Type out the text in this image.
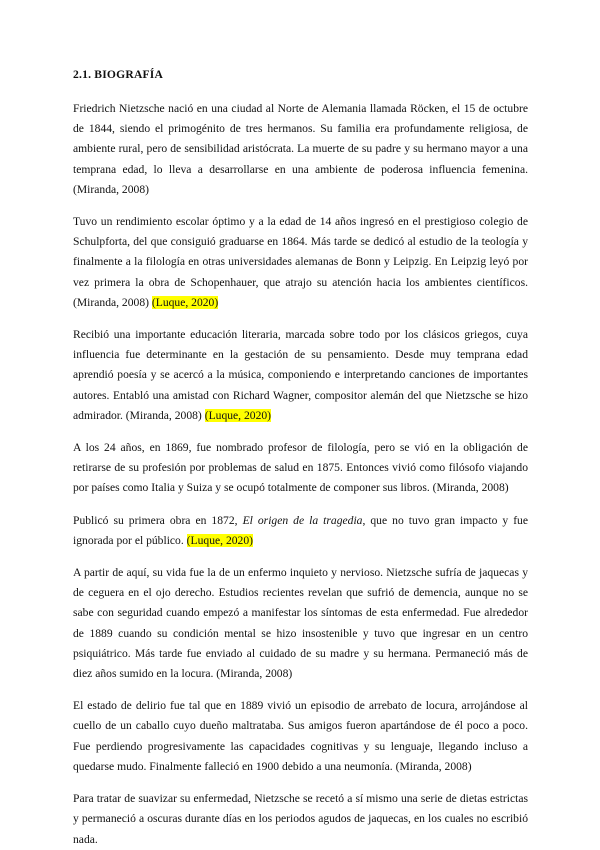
2.1. BIOGRAFÍA

Friedrich Nietzsche nació en una ciudad al Norte de Alemania llamada Röcken, el 15 de octubre de 1844, siendo el primogénito de tres hermanos. Su familia era profundamente religiosa, de ambiente rural, pero de sensibilidad aristócrata. La muerte de su padre y su hermano mayor a una temprana edad, lo lleva a desarrollarse en una ambiente de poderosa influencia femenina. (Miranda, 2008)

Tuvo un rendimiento escolar óptimo y a la edad de 14 años ingresó en el prestigioso colegio de Schulpforta, del que consiguió graduarse en 1864. Más tarde se dedicó al estudio de la teología y finalmente a la filología en otras universidades alemanas de Bonn y Leipzig. En Leipzig leyó por vez primera la obra de Schopenhauer, que atrajo su atención hacia los ambientes científicos. (Miranda, 2008) (Luque, 2020)

Recibió una importante educación literaria, marcada sobre todo por los clásicos griegos, cuya influencia fue determinante en la gestación de su pensamiento. Desde muy temprana edad aprendió poesía y se acercó a la música, componiendo e interpretando canciones de importantes autores. Entabló una amistad con Richard Wagner, compositor alemán del que Nietzsche se hizo admirador. (Miranda, 2008) (Luque, 2020)

A los 24 años, en 1869, fue nombrado profesor de filología, pero se vió en la obligación de retirarse de su profesión por problemas de salud en 1875. Entonces vivió como filósofo viajando por países como Italia y Suiza y se ocupó totalmente de componer sus libros. (Miranda, 2008)

Publicó su primera obra en 1872, El origen de la tragedia, que no tuvo gran impacto y fue ignorada por el público. (Luque, 2020)

A partir de aquí, su vida fue la de un enfermo inquieto y nervioso. Nietzsche sufría de jaquecas y de ceguera en el ojo derecho. Estudios recientes revelan que sufrió de demencia, aunque no se sabe con seguridad cuando empezó a manifestar los síntomas de esta enfermedad. Fue alrededor de 1889 cuando su condición mental se hizo insostenible y tuvo que ingresar en un centro psiquiátrico. Más tarde fue enviado al cuidado de su madre y su hermana. Permaneció más de diez años sumido en la locura. (Miranda, 2008)

El estado de delirio fue tal que en 1889 vivió un episodio de arrebato de locura, arrojándose al cuello de un caballo cuyo dueño maltrataba. Sus amigos fueron apartándose de él poco a poco. Fue perdiendo progresivamente las capacidades cognitivas y su lenguaje, llegando incluso a quedarse mudo. Finalmente falleció en 1900 debido a una neumonía. (Miranda, 2008)

Para tratar de suavizar su enfermedad, Nietzsche se recetó a sí mismo una serie de dietas estrictas y permaneció a oscuras durante días en los periodos agudos de jaquecas, en los cuales no escribió nada.
